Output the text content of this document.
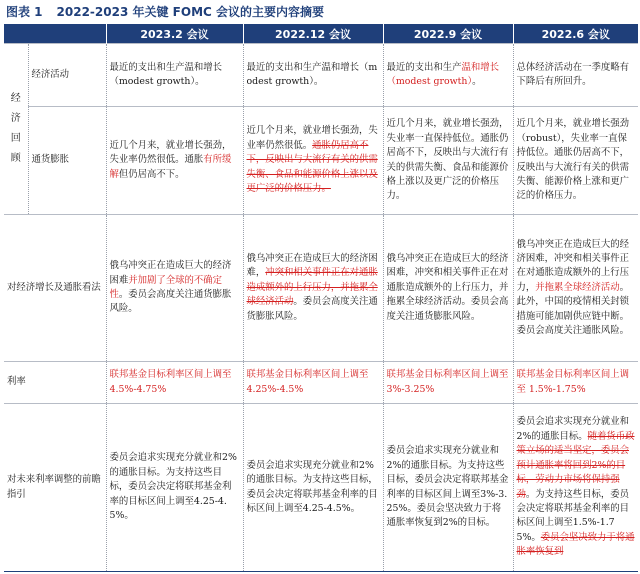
图表 1 2022-2023 年关键 FOMC 会议的主要内容摘要
		2023.2 会议	2022.12 会议	2022.9 会议	2022.6 会议

经
济
回
顾	经济活动	最近的支出和生产温和增长（modest growth）。	最近的支出和生产温和增长（modest growth）。	最近的支出和生产温和增长（modest growth）。	总体经济活动在一季度略有下降后有所回升。
	通货膨胀	近几个月来，就业增长强劲，失业率仍然很低。通胀有所缓解但仍居高不下。	近几个月来，就业增长强劲，失业率仍然很低。通胀仍居高不下，反映出与大流行有关的供需失衡、食品和能源价格上涨以及更广泛的价格压力。	近几个月来，就业增长强劲，失业率一直保持低位。通胀仍居高不下，反映出与大流行有关的供需失衡、食品和能源价格上涨以及更广泛的价格压力。	近几个月来，就业增长强劲（robust），失业率一直保持低位。通胀仍居高不下，反映出与大流行有关的供需失衡、能源价格上涨和更广泛的价格压力。
对经济增长及通胀看法		俄乌冲突正在造成巨大的经济困难并加剧了全球的不确定性。委员会高度关注通货膨胀风险。	俄乌冲突正在造成巨大的经济困难，冲突和相关事件正在对通胀造成额外的上行压力，并拖累全球经济活动。委员会高度关注通货膨胀风险。	俄乌冲突正在造成巨大的经济困难，冲突和相关事件正在对通胀造成额外的上行压力，并拖累全球经济活动。委员会高度关注通货膨胀风险。	俄乌冲突正在造成巨大的经济困难，冲突和相关事件正在对通胀造成额外的上行压力，并拖累全球经济活动。此外，中国的疫情相关封锁措施可能加剧供应链中断。委员会高度关注通胀风险。
利率		联邦基金目标利率区间上调至 4.5%-4.75%	联邦基金目标利率区间上调至 4.25%-4.5%	联邦基金目标利率区间上调至 3%-3.25%	联邦基金目标利率区间上调至 1.5%-1.75%
对未来利率调整的前瞻指引		委员会追求实现充分就业和2%的通胀目标。为支持这些目标，委员会决定将联邦基金利率的目标区间上调至4.25-4.5%。	委员会追求实现充分就业和2%的通胀目标。为支持这些目标，委员会决定将联邦基金利率的目标区间上调至4.25-4.5%。	委员会追求实现充分就业和2%的通胀目标。为支持这些目标，委员会决定将联邦基金利率的目标区间上调至3%-3.25%。委员会坚决致力于将通胀率恢复到2%的目标。	委员会追求实现充分就业和2%的通胀目标。随着货币政策立场的适当坚定，委员会预计通胀率将回到2%的目标，劳动力市场将保持强劲。为支持这些目标，委员会决定将联邦基金利率的目标区间上调至1.5%-1.75%。委员会坚决致力于将通胀率恢复到
